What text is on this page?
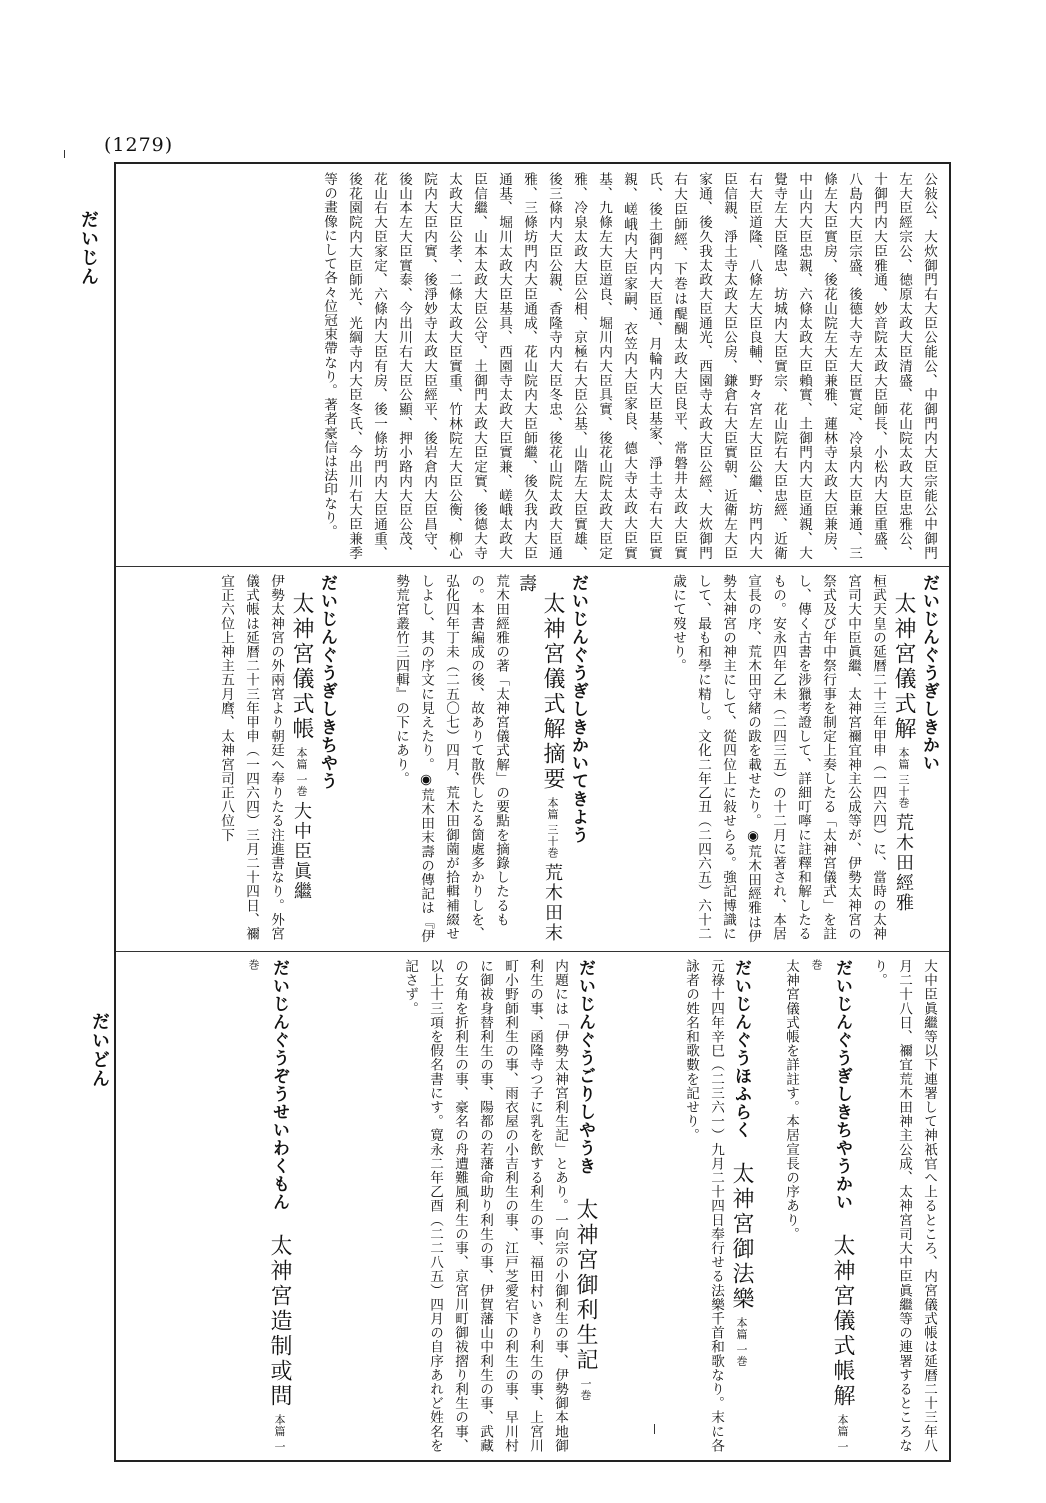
(1279)
だいじん
だいどん
公敍公、大炊御門右大臣公能公、中御門内大臣宗能公中御門左大臣經宗公、徳原太政大臣清盛、花山院太政大臣忠雅公、十御門内大臣雅通、妙音院太政大臣師長、小松内大臣重盛、八島内大臣宗盛、後德大寺左大臣實定、冷泉内大臣兼通、三條左大臣實房、後花山院左大臣兼雅、蓮林寺太政大臣兼房、中山内大臣忠親、六條太政大臣賴實、土御門内大臣通親、大覺寺左大臣隆忠、坊城内大臣實宗、花山院右大臣忠經、近衛右大臣道隆、八條左大臣良輔、野々宮左大臣公繼、坊門内大臣信親、淨土寺太政大臣公房、鎌倉右大臣實朝、近衛左大臣家通、後久我太政大臣通光、西園寺太政大臣公經、大炊御門右大臣師經、下巻は醍醐太政大臣良平、常磐井太政大臣實氏、後土御門内大臣通、月輪内大臣基家、淨土寺右大臣實親、嵯峨内大臣家嗣、衣笠内大臣家良、德大寺太政大臣實基、九條左大臣道良、堀川内大臣具實、後花山院太政大臣定雅、冷泉太政大臣公相、京極右大臣公基、山階左大臣實雄、後三條内大臣公親、香隆寺内大臣冬忠、後花山院太政大臣通雅、三條坊門内大臣通成、花山院内大臣師繼、後久我内大臣通基、堀川太政大臣基具、西園寺太政大臣實兼、嵯峨太政大臣信繼、山本太政大臣公守、土御門太政大臣定實、後德大寺太政大臣公孝、二條太政大臣實重、竹林院左大臣公衡、柳心院内大臣内實、後淨妙寺太政大臣經平、後岩倉内大臣昌守、後山本左大臣實泰、今出川右大臣公顯、押小路内大臣公茂、花山右大臣家定、六條内大臣有房、後一條坊門内大臣通重、後花園院内大臣師光、光綱寺内大臣冬氏、今出川右大臣兼季等の畫像にして各々位冠束帶なり。著者豪信は法印なり。
だいじんぐうぎしきかい 太神宮儀式解 本篇 三十巻 荒木田經雅
桓武天皇の延暦二十三年甲申（一四六四）に、當時の太神宮司大中臣眞繼、太神宮禰宜神主公成等が、伊勢太神宮の祭式及び年中祭行事を制定上奏したる「太神宮儀式」を註し、傳く古書を涉獵考證して、詳細叮嚀に註釋和解したるもの。安永四年乙未（二四三五）の十二月に著され、本居宣長の序、荒木田守緒の跋を載せたり。◉荒木田經雅は伊勢太神宮の神主にして、從四位上に敍せらる。強記博識にして、最も和學に精し。文化二年乙丑（二四六五）六十二歳にて歿せり。
だいじんぐうぎしきかいてきよう 太神宮儀式解摘要 本篇 三十巻 荒木田末壽
荒木田經雅の著「太神宮儀式解」の要點を摘錄したるもの。本書編成の後、故ありて散佚したる箇處多かりしを、弘化四年丁未（二五〇七）四月、荒木田御薗が拾輯補綴せしよし、其の序文に見えたり。◉荒木田末壽の傳記は『伊勢荒宮叢竹三四輯』の下にあり。
だいじんぐうぎしきちやう 太神宮儀式帳 本篇 一巻 大中臣眞繼
伊勢太神宮の外兩宮より朝廷へ奉りたる注進書なり。外宮儀式帳は延暦二十三年甲申（一四六四）三月二十四日、禰宜正六位上神主五月麿、太神宮司正八位下
大中臣眞繼等以下連署して神祇官へ上るところ、内宮儀式帳は延暦二十三年八月二十八日、禰宜荒木田神主公成、太神宮司大中臣眞繼等の連署するところなり。
だいじんぐうぎしきちやうかい 太神宮儀式帳解 本篇 一巻
太神宮儀式帳を詳註す。本居宣長の序あり。
だいじんぐうほふらく 太神宮御法樂 本篇 一巻
元祿十四年辛巳（二三六一）九月二十四日奉行せる法樂千首和歌なり。末に各詠者の姓名和歌數を記せり。
だいじんぐうごりしやうき 太神宮御利生記 一巻
内題には「伊勢太神宮利生記」とあり。一向宗の小御利生の事、伊勢御本地御利生の事、函隆寺つ子に乳を飲する利生の事、福田村いきり利生の事、上宮川町小野師利生の事、雨衣屋の小吉利生の事、江戸芝愛宕下の利生の事、早川村に御祓身替利生の事、陽都の若藩命助り利生の事、伊賀藩山中利生の事、武藏の女角を折利生の事、豪名の舟遭難風利生の事、京宮川町御祓摺り利生の事、以上十三項を假名書にす。寛永二年乙酉（二二八五）四月の自序あれど姓名を記さず。
だいじんぐうぞうせいわくもん 太神宮造制或問 本篇 一巻
